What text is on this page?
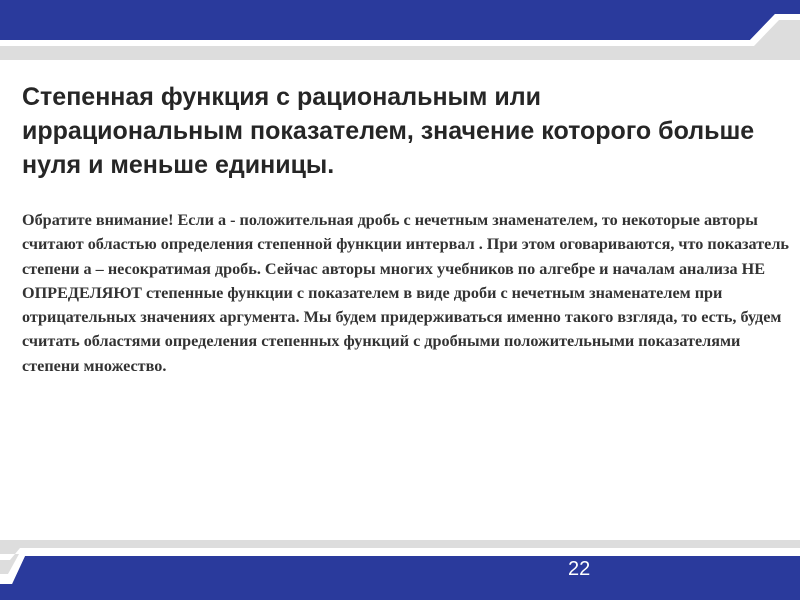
Степенная функция с рациональным или иррациональным показателем, значение которого больше нуля и меньше единицы.

Обратите внимание! Если a - положительная дробь с нечетным знаменателем, то некоторые авторы считают областью определения степенной функции интервал . При этом оговариваются, что показатель степени a – несократимая дробь. Сейчас авторы многих учебников по алгебре и началам анализа НЕ ОПРЕДЕЛЯЮТ степенные функции с показателем в виде дроби с нечетным знаменателем при отрицательных значениях аргумента. Мы будем придерживаться именно такого взгляда, то есть, будем считать областями определения степенных функций с дробными положительными показателями степени множество.

22
